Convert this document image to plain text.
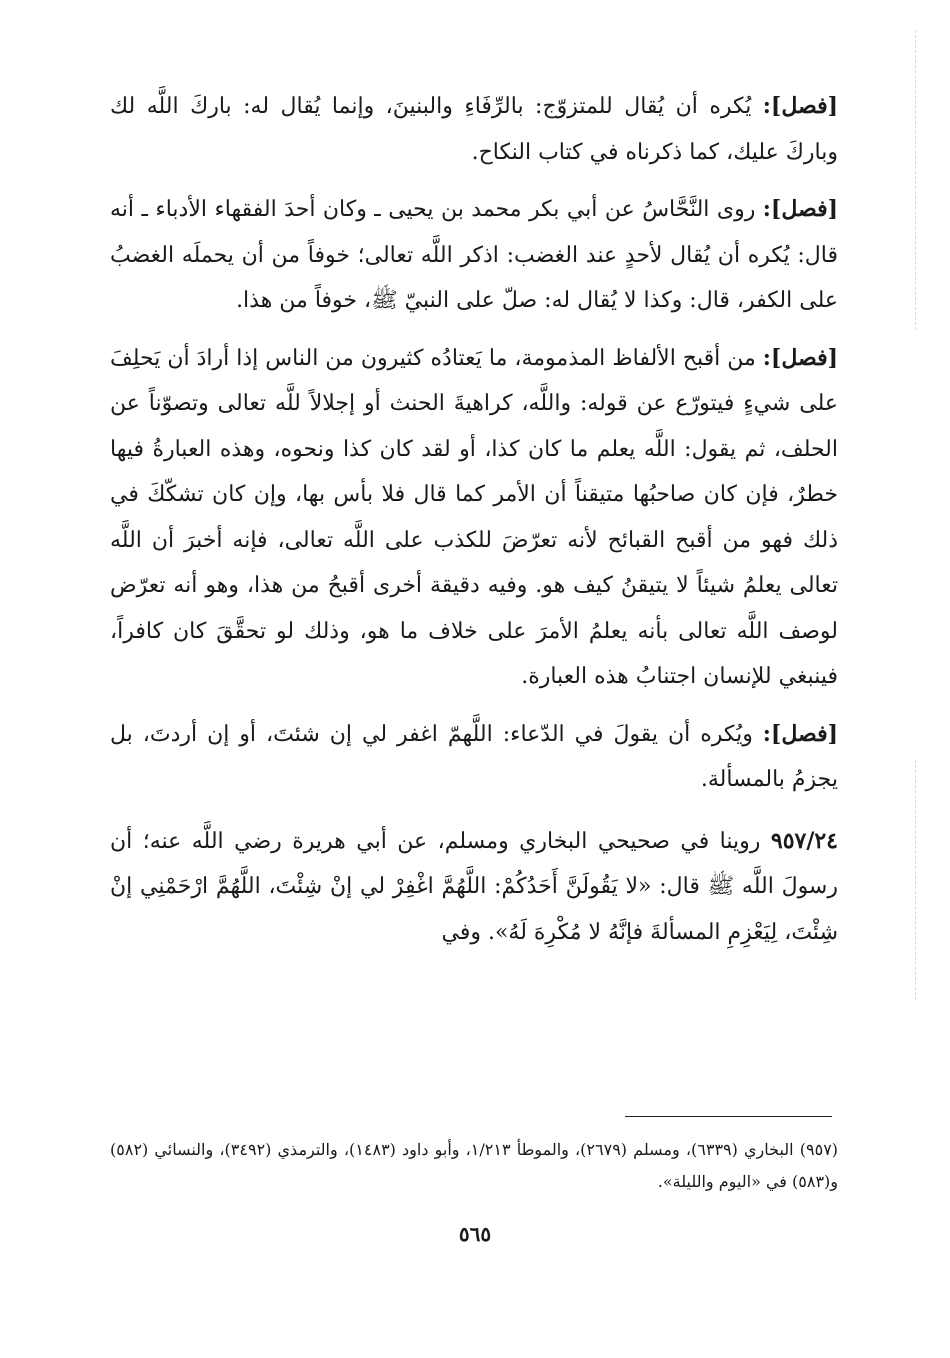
[فصل]: يُكره أن يُقال للمتزوّج: بالرِّفَاءِ والبنينَ، وإنما يُقال له: باركَ اللَّه لك وباركَ عليك، كما ذكرناه في كتاب النكاح.

[فصل]: روى النَّحَّاسُ عن أبي بكر محمد بن يحيى ـ وكان أحدَ الفقهاء الأدباء ـ أنه قال: يُكره أن يُقال لأحدٍ عند الغضب: اذكر اللَّه تعالى؛ خوفاً من أن يحملَه الغضبُ على الكفر، قال: وكذا لا يُقال له: صلّ على النبيّ ﷺ، خوفاً من هذا.

[فصل]: من أقبح الألفاظ المذمومة، ما يَعتادُه كثيرون من الناس إذا أرادَ أن يَحلِفَ على شيءٍ فيتورّع عن قوله: واللَّه، كراهيةَ الحنث أو إجلالاً للَّه تعالى وتصوّناً عن الحلف، ثم يقول: اللَّه يعلم ما كان كذا، أو لقد كان كذا ونحوه، وهذه العبارةُ فيها خطرٌ، فإن كان صاحبُها متيقناً أن الأمر كما قال فلا بأس بها، وإن كان تشكّكَ في ذلك فهو من أقبح القبائح لأنه تعرّضَ للكذب على اللَّه تعالى، فإنه أخبرَ أن اللَّه تعالى يعلمُ شيئاً لا يتيقنُ كيف هو. وفيه دقيقة أخرى أقبحُ من هذا، وهو أنه تعرّض لوصف اللَّه تعالى بأنه يعلمُ الأمرَ على خلاف ما هو، وذلك لو تحقَّقَ كان كافراً، فينبغي للإنسان اجتنابُ هذه العبارة.

[فصل]: ويُكره أن يقولَ في الدّعاء: اللَّهمّ اغفر لي إن شئتَ، أو إن أردتَ، بل يجزمُ بالمسألة.

٩٥٧/٢٤ روينا في صحيحي البخاري ومسلم، عن أبي هريرة رضي اللَّه عنه؛ أن رسولَ اللَّه ﷺ قال: «لا يَقُولَنَّ أَحَدُكُمْ: اللَّهُمَّ اغْفِرْ لي إنْ شِئْتَ، اللَّهُمَّ ارْحَمْنِي إنْ شِئْتَ، لِيَعْزِمِ المسألةَ فإنَّهُ لا مُكْرِهَ لَهُ». وفي

(٩٥٧) البخاري (٦٣٣٩)، ومسلم (٢٦٧٩)، والموطأ ١/٢١٣، وأبو داود (١٤٨٣)، والترمذي (٣٤٩٢)، والنسائي (٥٨٢) و(٥٨٣) في «اليوم والليلة».
٥٦٥
